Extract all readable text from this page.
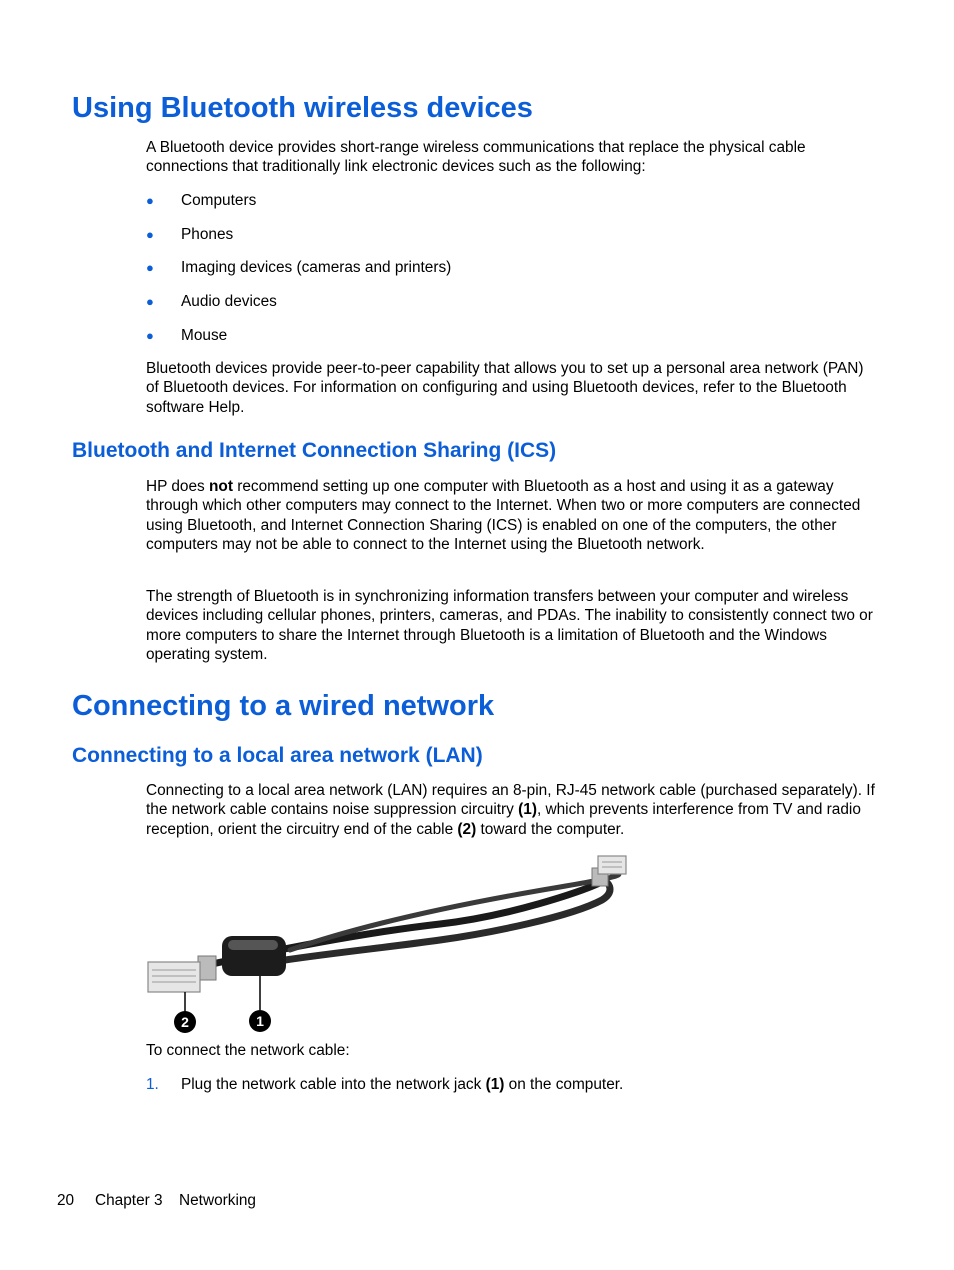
Using Bluetooth wireless devices

A Bluetooth device provides short-range wireless communications that replace the physical cable connections that traditionally link electronic devices such as the following:

● Computers
● Phones
● Imaging devices (cameras and printers)
● Audio devices
● Mouse

Bluetooth devices provide peer-to-peer capability that allows you to set up a personal area network (PAN) of Bluetooth devices. For information on configuring and using Bluetooth devices, refer to the Bluetooth software Help.

Bluetooth and Internet Connection Sharing (ICS)

HP does not recommend setting up one computer with Bluetooth as a host and using it as a gateway through which other computers may connect to the Internet. When two or more computers are connected using Bluetooth, and Internet Connection Sharing (ICS) is enabled on one of the computers, the other computers may not be able to connect to the Internet using the Bluetooth network.

The strength of Bluetooth is in synchronizing information transfers between your computer and wireless devices including cellular phones, printers, cameras, and PDAs. The inability to consistently connect two or more computers to share the Internet through Bluetooth is a limitation of Bluetooth and the Windows operating system.

Connecting to a wired network
Connecting to a local area network (LAN)

Connecting to a local area network (LAN) requires an 8-pin, RJ-45 network cable (purchased separately). If the network cable contains noise suppression circuitry (1), which prevents interference from TV and radio reception, orient the circuitry end of the cable (2) toward the computer.

2	1

To connect the network cable:

1. Plug the network cable into the network jack (1) on the computer.
20 Chapter 3 Networking
